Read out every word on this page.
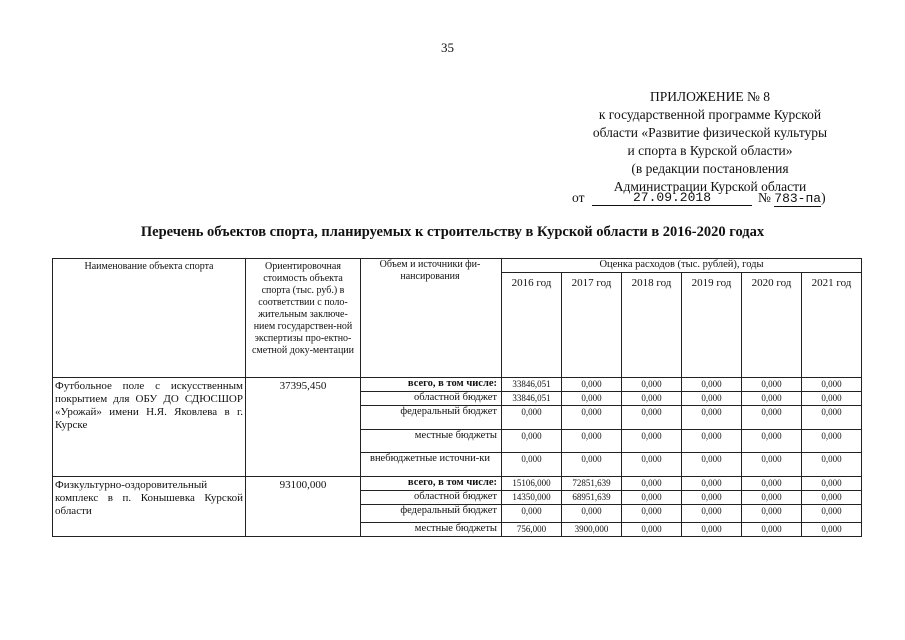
35
ПРИЛОЖЕНИЕ № 8
к государственной программе Курской
области «Развитие физической культуры
и спорта в Курской области»
(в редакции постановления
Администрации Курской области
от	27.09.2018	№ 783-па)
Перечень объектов спорта, планируемых к строительству в Курской области в 2016-2020 годах
Наименование объекта спорта	Ориентировочная стоимость объекта спорта (тыс. руб.) в соответствии с поло-жительным заключе-нием государствен-ной экспертизы про-ектно-сметной доку-ментации	Объем и источники фи-нансирования	Оценка расходов (тыс. рублей), годы					
			2016 год	2017 год	2018 год	2019 год	2020 год	2021 год
Футбольное поле с искусственным покрытием для ОБУ ДО СДЮСШОР «Урожай» имени Н.Я. Яковлева в г. Курске	37395,450	всего, в том числе:	33846,051	0,000	0,000	0,000	0,000	0,000
		областной бюджет	33846,051	0,000	0,000	0,000	0,000	0,000
		федеральный бюджет	0,000	0,000	0,000	0,000	0,000	0,000
		местные бюджеты	0,000	0,000	0,000	0,000	0,000	0,000
		внебюджетные источни-ки	0,000	0,000	0,000	0,000	0,000	0,000
Физкультурно-оздоровительный комплекс в п. Конышевка Курской области	93100,000	всего, в том числе:	15106,000	72851,639	0,000	0,000	0,000	0,000
		областной бюджет	14350,000	68951,639	0,000	0,000	0,000	0,000
		федеральный бюджет	0,000	0,000	0,000	0,000	0,000	0,000
		местные бюджеты	756,000	3900,000	0,000	0,000	0,000	0,000
